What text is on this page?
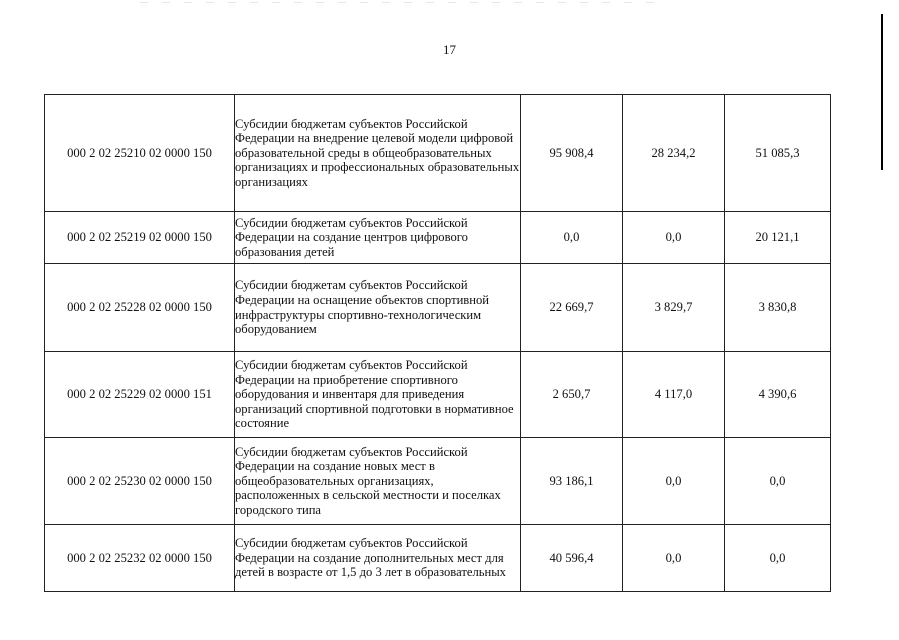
17
000 2 02 25210 02 0000 150	Субсидии бюджетам субъектов Российской Федерации на внедрение целевой модели цифровой образовательной среды в общеобразовательных организациях и профессиональных образовательных организациях	95 908,4	28 234,2	51 085,3
000 2 02 25219 02 0000 150	Субсидии бюджетам субъектов Российской Федерации на создание центров цифрового образования детей	0,0	0,0	20 121,1
000 2 02 25228 02 0000 150	Субсидии бюджетам субъектов Российской Федерации на оснащение объектов спортивной инфраструктуры спортивно-технологическим оборудованием	22 669,7	3 829,7	3 830,8
000 2 02 25229 02 0000 151	Субсидии бюджетам субъектов Российской Федерации на приобретение спортивного оборудования и инвентаря для приведения организаций спортивной подготовки в нормативное состояние	2 650,7	4 117,0	4 390,6
000 2 02 25230 02 0000 150	Субсидии бюджетам субъектов Российской Федерации на создание новых мест в общеобразовательных организациях, расположенных в сельской местности и поселках городского типа	93 186,1	0,0	0,0
000 2 02 25232 02 0000 150	Субсидии бюджетам субъектов Российской Федерации на создание дополнительных мест для детей в возрасте от 1,5 до 3 лет в образовательных	40 596,4	0,0	0,0
